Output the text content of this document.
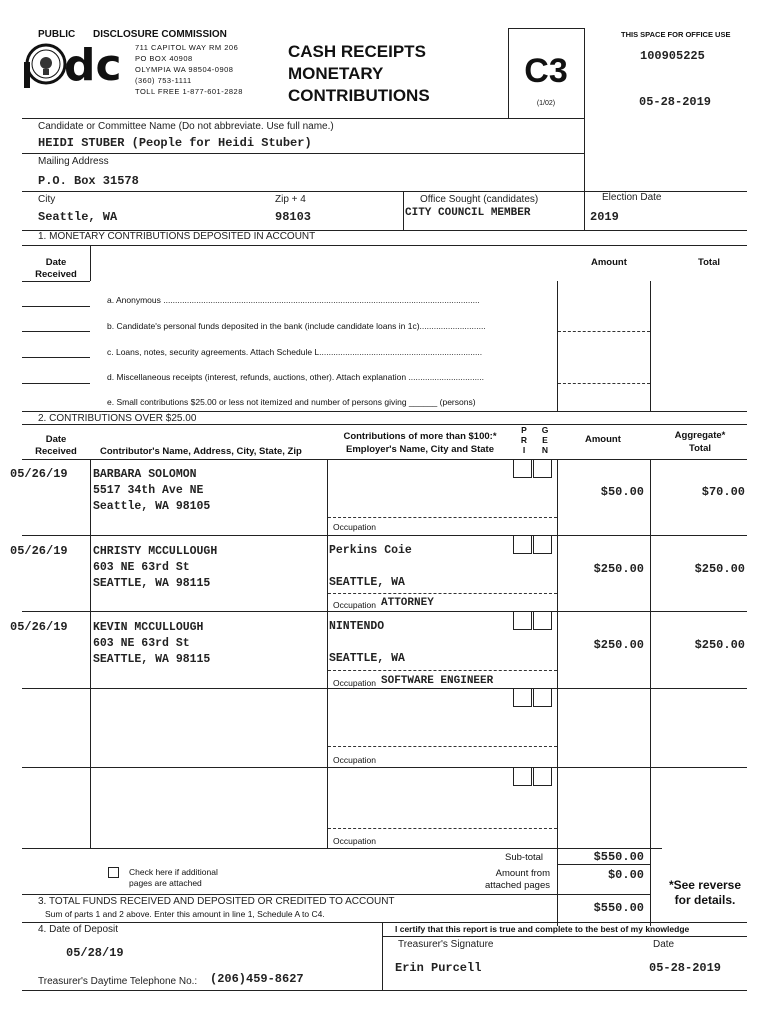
PUBLIC DISCLOSURE COMMISSION
dc 711 CAPITOL WAY RM 206
PO BOX 40908
OLYMPIA WA 98504-0908
(360) 753-1111
TOLL FREE 1-877-601-2828
CASH RECEIPTS
MONETARY
CONTRIBUTIONS
C3
(1/02)
THIS SPACE FOR OFFICE USE
100905225
05-28-2019
Candidate or Committee Name (Do not abbreviate. Use full name.)
HEIDI STUBER (People for Heidi Stuber)
Mailing Address
P.O. Box 31578
City
Seattle, WA
Zip + 4
98103
Office Sought (candidates)
CITY COUNCIL MEMBER
Election Date
2019
1. MONETARY CONTRIBUTIONS DEPOSITED IN ACCOUNT
Date
Received
Amount	Total
a. Anonymous ......................................................................................................................................
b. Candidate's personal funds deposited in the bank (include candidate loans in 1c)............................
c. Loans, notes, security agreements. Attach Schedule L.....................................................................
d. Miscellaneous receipts (interest, refunds, auctions, other). Attach explanation ................................
e. Small contributions $25.00 or less not itemized and number of persons giving ______ (persons)
2. CONTRIBUTIONS OVER $25.00
Date
Received	Contributor's Name, Address, City, State, Zip
Contributions of more than $100:*
Employer's Name, City and State
P
R
I
G
E
N
Amount	Aggregate*
Total
05/26/19 BARBARA SOLOMON
5517 34th Ave NE
Seattle, WA 98105
Occupation
$50.00	$70.00
05/26/19 CHRISTY MCCULLOUGH
603 NE 63rd St
SEATTLE, WA 98115
Perkins Coie
SEATTLE, WA
Occupation ATTORNEY
$250.00	$250.00
05/26/19 KEVIN MCCULLOUGH
603 NE 63rd St
SEATTLE, WA 98115
NINTENDO
SEATTLE, WA
Occupation SOFTWARE ENGINEER
$250.00	$250.00
Occupation
Occupation
Check here if additional
pages are attached
Sub-total	$550.00
Amount from
attached pages
$0.00
*See reverse
for details.
3. TOTAL FUNDS RECEIVED AND DEPOSITED OR CREDITED TO ACCOUNT
Sum of parts 1 and 2 above. Enter this amount in line 1, Schedule A to C4.	$550.00
4. Date of Deposit
05/28/19
I certify that this report is true and complete to the best of my knowledge
Treasurer's Signature	Date
Erin Purcell	05-28-2019
Treasurer's Daytime Telephone No.: (206)459-8627
